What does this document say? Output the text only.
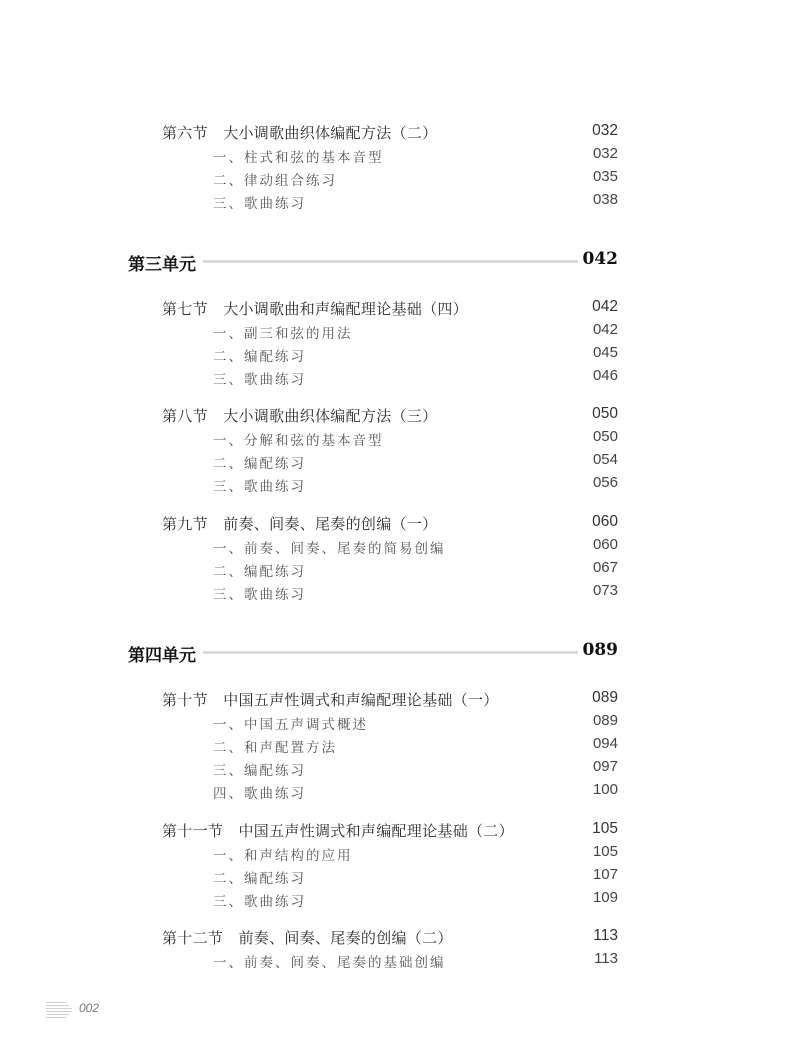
第六节　大小调歌曲织体编配方法（二）	032
一、柱式和弦的基本音型	032
二、律动组合练习	035
三、歌曲练习	038
第三单元	042
第七节　大小调歌曲和声编配理论基础（四）	042
一、副三和弦的用法	042
二、编配练习	045
三、歌曲练习	046
第八节　大小调歌曲织体编配方法（三）	050
一、分解和弦的基本音型	050
二、编配练习	054
三、歌曲练习	056
第九节　前奏、间奏、尾奏的创编（一）	060
一、前奏、间奏、尾奏的简易创编	060
二、编配练习	067
三、歌曲练习	073
第四单元	089
第十节　中国五声性调式和声编配理论基础（一）	089
一、中国五声调式概述	089
二、和声配置方法	094
三、编配练习	097
四、歌曲练习	100
第十一节　中国五声性调式和声编配理论基础（二）	105
一、和声结构的应用	105
二、编配练习	107
三、歌曲练习	109
第十二节　前奏、间奏、尾奏的创编（二）	113
一、前奏、间奏、尾奏的基础创编	113
002
